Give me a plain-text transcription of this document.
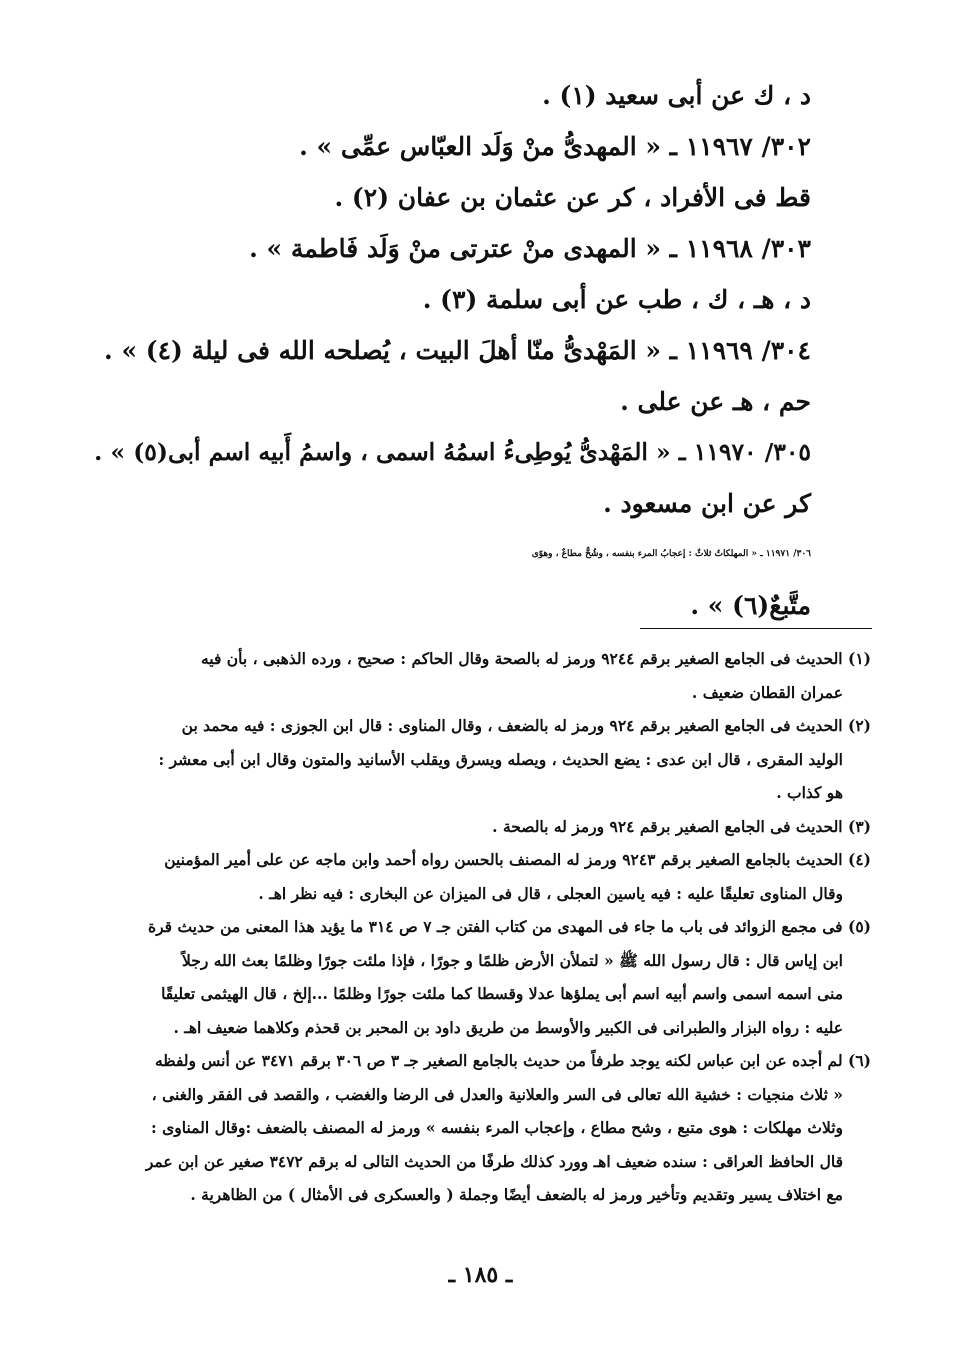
د ، ك عن أبى سعيد (١) .
٣٠٢/ ١١٩٦٧ ـ « المهدىُّ منْ وَلَد العبّاس عمِّى » .
قط فى الأفراد ، كر عن عثمان بن عفان (٢) .
٣٠٣/ ١١٩٦٨ ـ « المهدى منْ عترتى منْ وَلَد فَاطمة » .
د ، هـ ، ك ، طب عن أبى سلمة (٣) .
٣٠٤/ ١١٩٦٩ ـ « المَهْدىُّ منّا أهلَ البيت ، يُصلحه الله فى ليلة (٤) » .
حم ، هـ عن على .
٣٠٥/ ١١٩٧٠ ـ « المَهْدىُّ يُوطِىءُ اسمُهُ اسمى ، واسمُ أَبيه اسم أبى(٥) » .
كر عن ابن مسعود .
٣٠٦/ ١١٩٧١ ـ « المهلكاتُ ثلاثٌ : إعجابُ المرء بنفسه ، وشُحٌّ مطاعٌ ، وهوًى
متَّبعٌ(٦) » .
(١) الحديث فى الجامع الصغير برقم ٩٢٤٤ ورمز له بالصحة وقال الحاكم : صحيح ، ورده الذهبى ، بأن فيه
عمران القطان ضعيف .
(٢) الحديث فى الجامع الصغير برقم ٩٢٤ ورمز له بالضعف ، وقال المناوى : قال ابن الجوزى : فيه محمد بن
الوليد المقرى ، قال ابن عدى : يضع الحديث ، ويصله ويسرق ويقلب الأسانيد والمتون وقال ابن أبى معشر :
هو كذاب .
(٣) الحديث فى الجامع الصغير برقم ٩٢٤ ورمز له بالصحة .
(٤) الحديث بالجامع الصغير برقم ٩٢٤٣ ورمز له المصنف بالحسن رواه أحمد وابن ماجه عن على أمير المؤمنين
وقال المناوى تعليقًا عليه : فيه ياسين العجلى ، قال فى الميزان عن البخارى : فيه نظر اهـ .
(٥) فى مجمع الزوائد فى باب ما جاء فى المهدى من كتاب الفتن جـ ٧ ص ٣١٤ ما يؤيد هذا المعنى من حديث قرة
ابن إياس قال : قال رسول الله ﷺ « لتملأن الأرض ظلمًا و جورًا ، فإذا ملئت جورًا وظلمًا بعث الله رجلاً
منى اسمه اسمى واسم أبيه اسم أبى يملؤها عدلا وقسطا كما ملئت جورًا وظلمًا ...إلخ ، قال الهيثمى تعليقًا
عليه : رواه البزار والطبرانى فى الكبير والأوسط من طريق داود بن المحبر بن قحذم وكلاهما ضعيف اهـ .
(٦) لم أجده عن ابن عباس لكنه يوجد طرفاً من حديث بالجامع الصغير جـ ٣ ص ٣٠٦ برقم ٣٤٧١ عن أنس ولفظه
« ثلاث منجيات : خشية الله تعالى فى السر والعلانية والعدل فى الرضا والغضب ، والقصد فى الفقر والغنى ،
وثلاث مهلكات : هوى متبع ، وشح مطاع ، وإعجاب المرء بنفسه » ورمز له المصنف بالضعف :وقال المناوى :
قال الحافظ العراقى : سنده ضعيف اهـ وورد كذلك طرفًا من الحديث التالى له برقم ٣٤٧٢ صغير عن ابن عمر
مع اختلاف يسير وتقديم وتأخير ورمز له بالضعف أيضًا وجملة ( والعسكرى فى الأمثال ) من الظاهرية .
ـ ١٨٥ ـ
